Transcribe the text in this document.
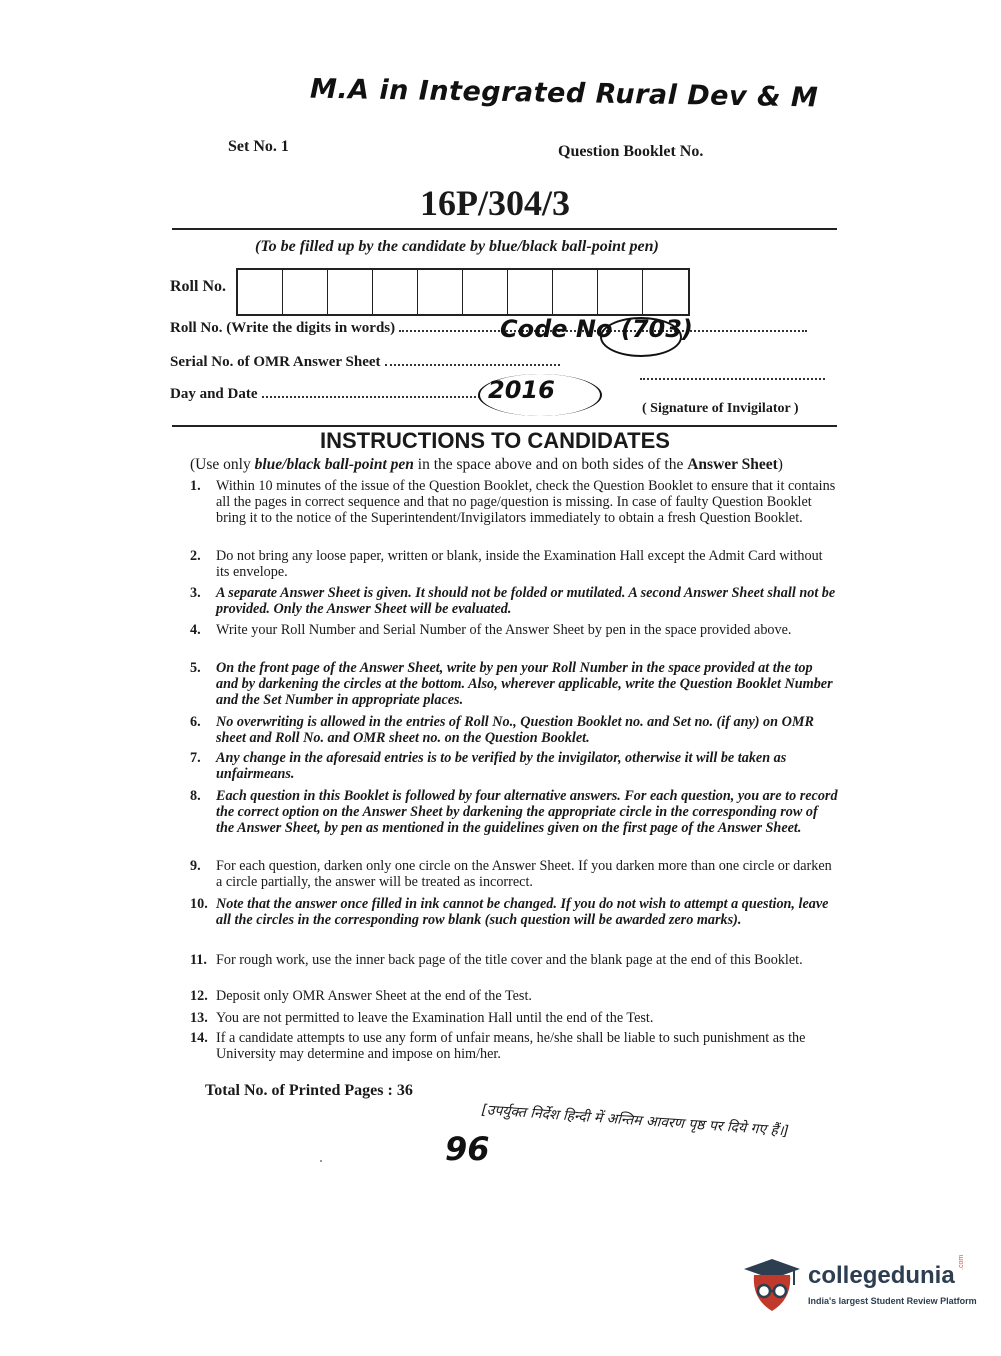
M.A in Integrated Rural Dev & M
Set No. 1	Question Booklet No.
16P/304/3
(To be filled up by the candidate by blue/black ball-point pen)
Roll No.
Roll No. (Write the digits in words)	Code No (703)
Serial No. of OMR Answer Sheet
Day and Date	2016
( Signature of Invigilator )
INSTRUCTIONS TO CANDIDATES
(Use only blue/black ball-point pen in the space above and on both sides of the Answer Sheet)
1. Within 10 minutes of the issue of the Question Booklet, check the Question Booklet to ensure that it contains all the pages in correct sequence and that no page/question is missing. In case of faulty Question Booklet bring it to the notice of the Superintendent/Invigilators immediately to obtain a fresh Question Booklet.
2. Do not bring any loose paper, written or blank, inside the Examination Hall except the Admit Card without its envelope.
3. A separate Answer Sheet is given. It should not be folded or mutilated. A second Answer Sheet shall not be provided. Only the Answer Sheet will be evaluated.
4. Write your Roll Number and Serial Number of the Answer Sheet by pen in the space provided above.
5. On the front page of the Answer Sheet, write by pen your Roll Number in the space provided at the top and by darkening the circles at the bottom. Also, wherever applicable, write the Question Booklet Number and the Set Number in appropriate places.
6. No overwriting is allowed in the entries of Roll No., Question Booklet no. and Set no. (if any) on OMR sheet and Roll No. and OMR sheet no. on the Question Booklet.
7. Any change in the aforesaid entries is to be verified by the invigilator, otherwise it will be taken as unfairmeans.
8. Each question in this Booklet is followed by four alternative answers. For each question, you are to record the correct option on the Answer Sheet by darkening the appropriate circle in the corresponding row of the Answer Sheet, by pen as mentioned in the guidelines given on the first page of the Answer Sheet.
9. For each question, darken only one circle on the Answer Sheet. If you darken more than one circle or darken a circle partially, the answer will be treated as incorrect.
10. Note that the answer once filled in ink cannot be changed. If you do not wish to attempt a question, leave all the circles in the corresponding row blank (such question will be awarded zero marks).
11. For rough work, use the inner back page of the title cover and the blank page at the end of this Booklet.
12. Deposit only OMR Answer Sheet at the end of the Test.
13. You are not permitted to leave the Examination Hall until the end of the Test.
14. If a candidate attempts to use any form of unfair means, he/she shall be liable to such punishment as the University may determine and impose on him/her.
Total No. of Printed Pages : 36
[उपर्युक्त निर्देश हिन्दी में अन्तिम आवरण पृष्ठ पर दिये गए हैं।]
96
collegedunia .com
India's largest Student Review Platform
